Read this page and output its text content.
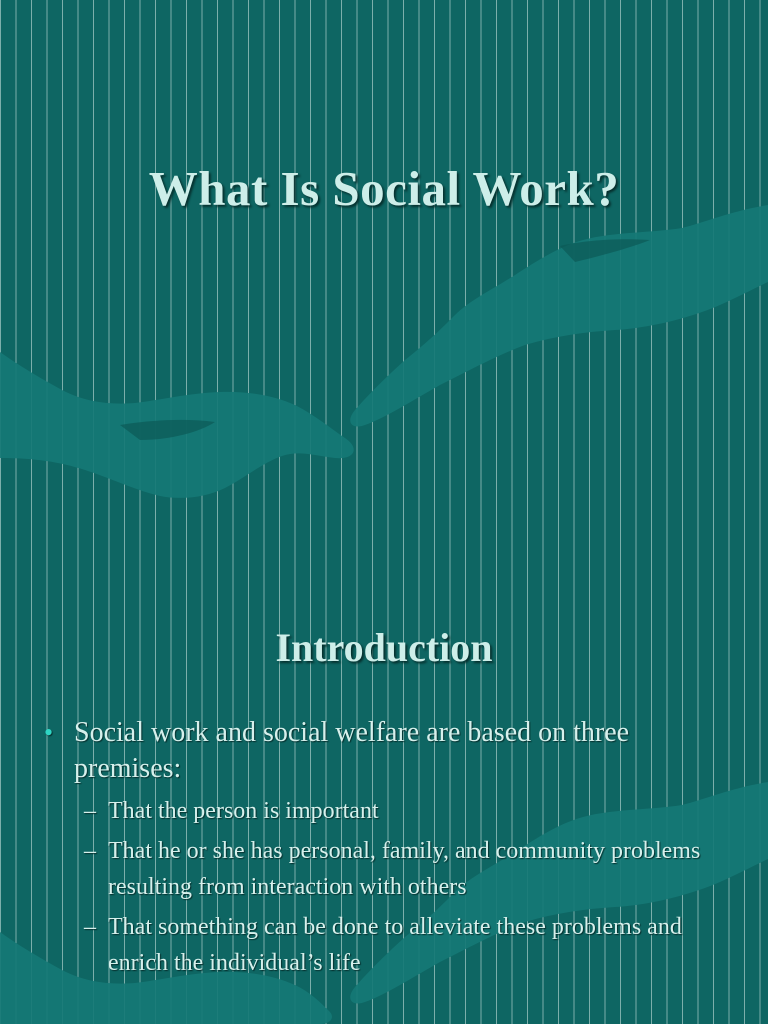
What Is Social Work?
Introduction
• Social work and social welfare are based on three premises:
– That the person is important
– That he or she has personal, family, and community problems resulting from interaction with others
– That something can be done to alleviate these problems and enrich the individual’s life
